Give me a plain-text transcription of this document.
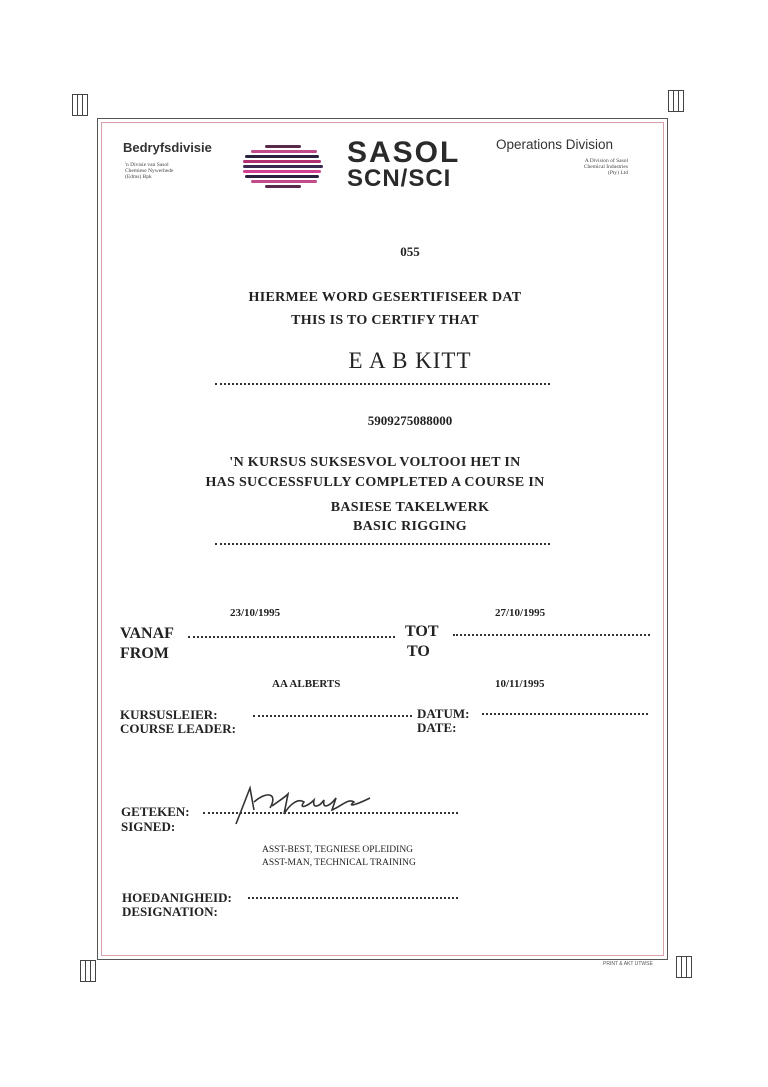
Bedryfsdivisie
'n Divisie van Sasol
Chemiese Nywerhede
(Edms) Bpk
SASOL
SCN/SCI
Operations Division
A Division of Sasol
Chemical Industries
(Pty) Ltd
055
HIERMEE WORD GESERTIFISEER DAT
THIS IS TO CERTIFY THAT
E A B KITT
5909275088000
'N KURSUS SUKSESVOL VOLTOOI HET IN
HAS SUCCESSFULLY COMPLETED A COURSE IN
BASIESE TAKELWERK
BASIC RIGGING
23/10/1995	27/10/1995
VANAF
FROM
TOT
TO
AA ALBERTS	10/11/1995
KURSUSLEIER:
COURSE LEADER:
DATUM:
DATE:
GETEKEN:
SIGNED:
ASST-BEST, TEGNIESE OPLEIDING
ASST-MAN, TECHNICAL TRAINING
HOEDANIGHEID:
DESIGNATION:
PRINT & AKT UTWSE
